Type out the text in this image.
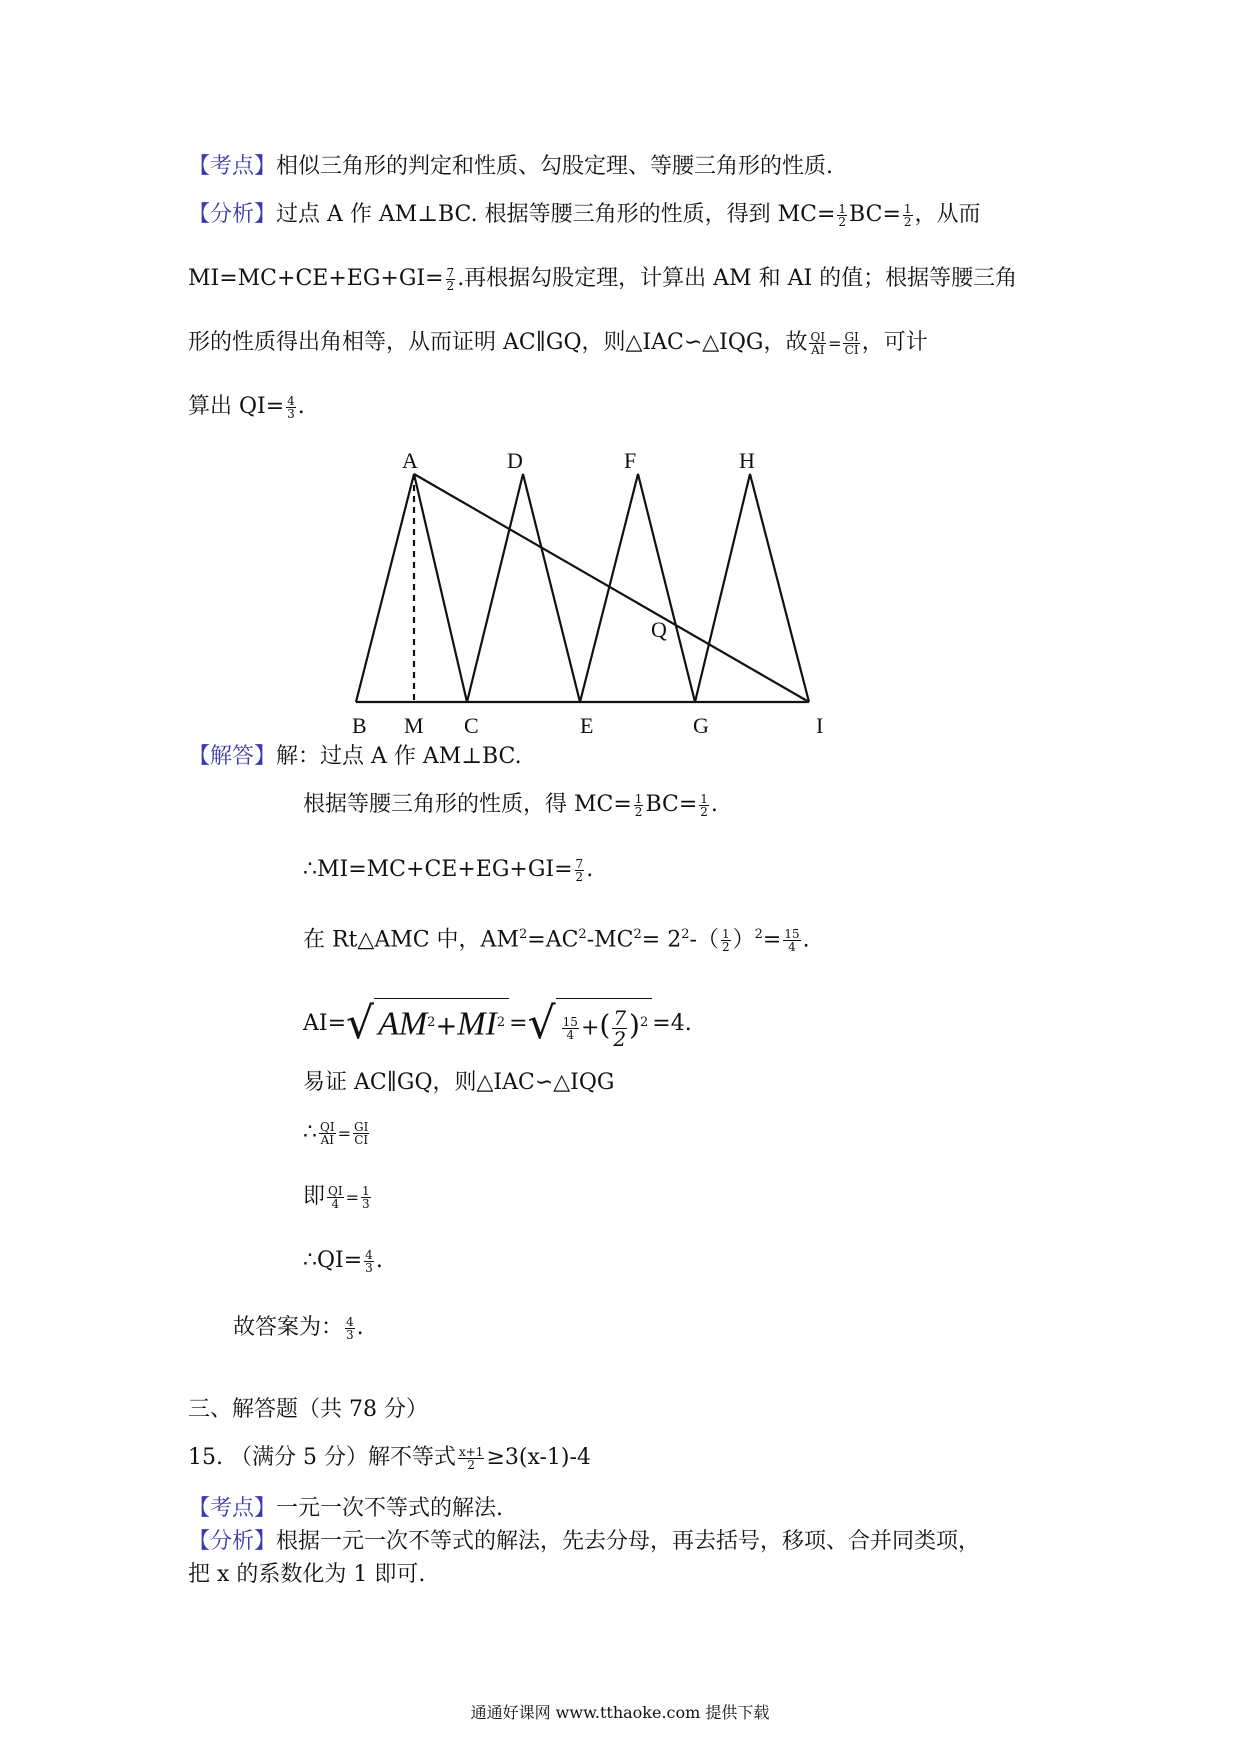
【考点】相似三角形的判定和性质、勾股定理、等腰三角形的性质.
【分析】过点 A 作 AM⊥BC. 根据等腰三角形的性质，得到 $MC= \frac{1}{2} BC= \frac{1}{2}$ ，从而
$MI=MC+CE+EG+GI= \frac{7}{2}$ .再根据勾股定理，计算出 AM 和 AI 的值；根据等腰三角
形的性质得出角相等，从而证明 AC∥GQ，则△IAC∽△IQG，故 $\frac{QI}{AI} = \frac{GI}{CI}$ ，可计
算出 $QI= \frac{4}{3}$ .
A	D	F	H
Q
B M C	E	G	I
【解答】解：过点 A 作 AM⊥BC.
根据等腰三角形的性质，得 $MC= \frac{1}{2} BC= \frac{1}{2}$ .
∴MI=MC+CE+EG+GI= $\frac{7}{2}$ .
在 Rt△AMC 中，$AM^2=AC^2-MC^2= 2^2-( \frac{1}{2} )^2= \frac{15}{4}$ .
AI=√ $AM^2+MI^2$ =√ $\frac{15}{4}$ +( $\frac{7}{2} )^2 =4$.
易证 AC∥GQ，则△IAC∽△IQG
∴ $\frac{QI}{AI} = \frac{GI}{CI}$
即 $\frac{QI}{4} = \frac{1}{3}$
∴QI= $\frac{4}{3}$ .
故答案为： $\frac{4}{3}$ .
三、解答题（共 78 分）
15. （满分 5 分）解不等式 $\frac{x+1}{2} \ge 3(x-1)-4$
【考点】一元一次不等式的解法.
【分析】根据一元一次不等式的解法，先去分母，再去括号，移项、合并同类项，
把 x 的系数化为 1 即可.
通通好课网 www.tthaoke.com 提供下载
